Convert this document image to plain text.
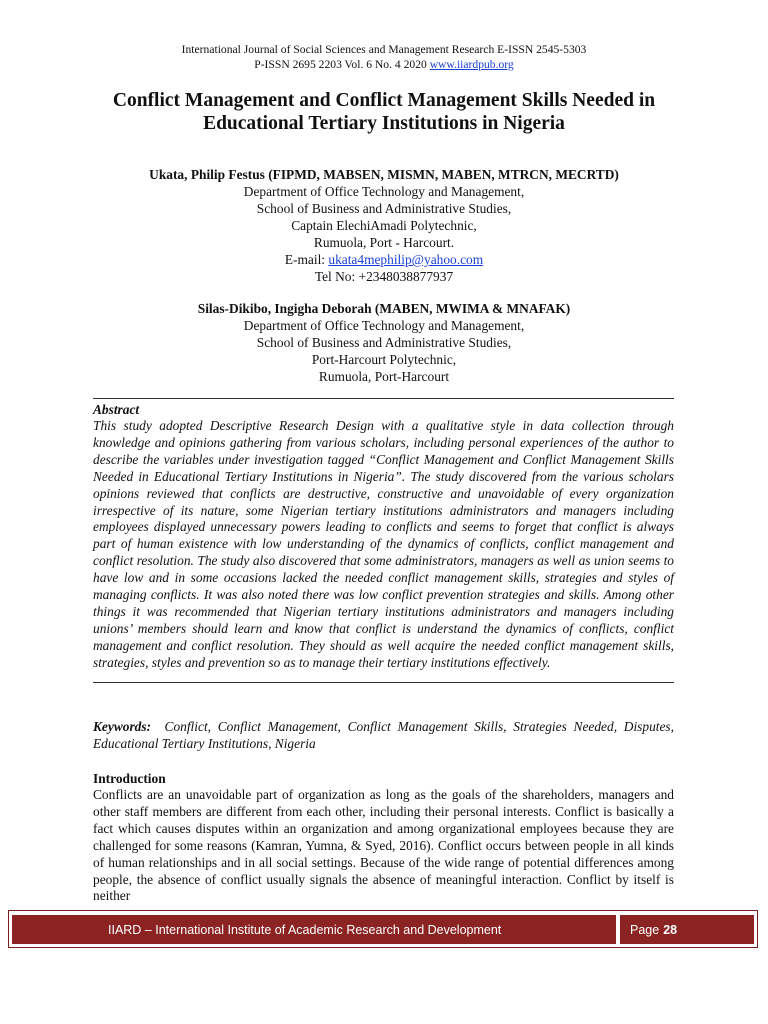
International Journal of Social Sciences and Management Research E-ISSN 2545-5303
P-ISSN 2695 2203 Vol. 6 No. 4 2020 www.iiardpub.org
Conflict Management and Conflict Management Skills Needed in
Educational Tertiary Institutions in Nigeria
Ukata, Philip Festus (FIPMD, MABSEN, MISMN, MABEN, MTRCN, MECRTD)
Department of Office Technology and Management,
School of Business and Administrative Studies,
Captain ElechiAmadi Polytechnic,
Rumuola, Port - Harcourt.
E-mail: ukata4mephilip@yahoo.com
Tel No: +2348038877937
Silas-Dikibo, Ingigha Deborah (MABEN, MWIMA & MNAFAK)
Department of Office Technology and Management,
School of Business and Administrative Studies,
Port-Harcourt Polytechnic,
Rumuola, Port-Harcourt
Abstract

This study adopted Descriptive Research Design with a qualitative style in data collection through knowledge and opinions gathering from various scholars, including personal experiences of the author to describe the variables under investigation tagged “Conflict Management and Conflict Management Skills Needed in Educational Tertiary Institutions in Nigeria”. The study discovered from the various scholars opinions reviewed that conflicts are destructive, constructive and unavoidable of every organization irrespective of its nature, some Nigerian tertiary institutions administrators and managers including employees displayed unnecessary powers leading to conflicts and seems to forget that conflict is always part of human existence with low understanding of the dynamics of conflicts, conflict management and conflict resolution. The study also discovered that some administrators, managers as well as union seems to have low and in some occasions lacked the needed conflict management skills, strategies and styles of managing conflicts. It was also noted there was low conflict prevention strategies and skills. Among other things it was recommended that Nigerian tertiary institutions administrators and managers including unions’ members should learn and know that conflict is understand the dynamics of conflicts, conflict management and conflict resolution. They should as well acquire the needed conflict management skills, strategies, styles and prevention so as to manage their tertiary institutions effectively.

Keywords: Conflict, Conflict Management, Conflict Management Skills, Strategies Needed, Disputes, Educational Tertiary Institutions, Nigeria
Introduction

Conflicts are an unavoidable part of organization as long as the goals of the shareholders, managers and other staff members are different from each other, including their personal interests. Conflict is basically a fact which causes disputes within an organization and among organizational employees because they are challenged for some reasons (Kamran, Yumna, & Syed, 2016). Conflict occurs between people in all kinds of human relationships and in all social settings. Because of the wide range of potential differences among people, the absence of conflict usually signals the absence of meaningful interaction. Conflict by itself is neither

IIARD – International Institute of Academic Research and Development	Page 28
